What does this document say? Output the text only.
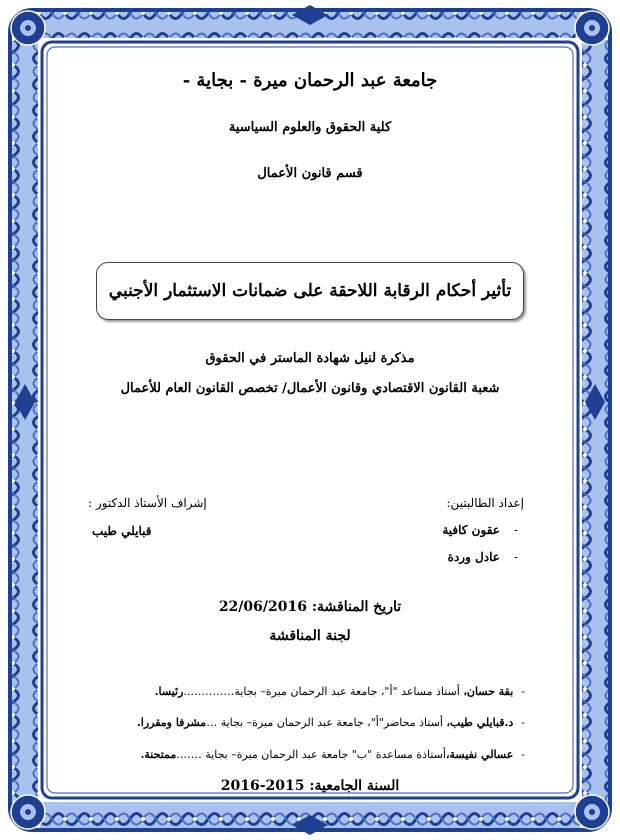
جامعة عبد الرحمان ميرة - بجاية -
كلية الحقوق والعلوم السياسية
قسم قانون الأعمال
تأثير أحكام الرقابة اللاحقة على ضمانات الاستثمار الأجنبي
مذكرة لنيل شهادة الماستر في الحقوق
شعبة القانون الاقتصادي وقانون الأعمال/ تخصص القانون العام للأعمال
إعداد الطالبتين:
-عقون كافية
-عادل وردة
إشراف الأستاذ الدكتور :
قبايلي طيب
تاريخ المناقشة: 22/06/2016
لجنة المناقشة
-بقة حسان، أستاذ مساعد "أ"، جامعة عبد الرحمان ميرة– بجاية…………..رئيسا.
-د.قبايلي طيب، أستاذ محاضر"أ"، جامعة عبد الرحمان ميرة– بجاية …مشرفا ومقررا.
-عسالي نفيسة،أستاذة مساعدة "ب" جامعة عبد الرحمان ميرة– بجاية …….ممتحنة.
السنة الجامعية: 2015-2016
